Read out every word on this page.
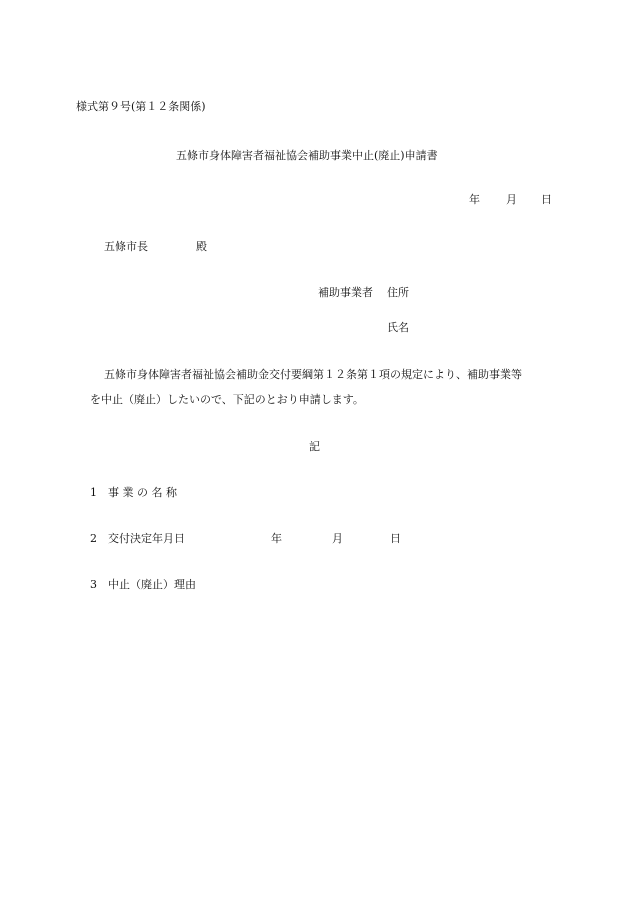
様式第９号(第１２条関係)
五條市身体障害者福祉協会補助事業中止(廃止)申請書
年 月 日
五條市長	殿
補助事業者 住所
氏名
五條市身体障害者福祉協会補助金交付要綱第１２条第１項の規定により、補助事業等
を中止（廃止）したいので、下記のとおり申請します。
記
1 事 業 の 名 称
2 交付決定年月日	年	月	日
3 中止（廃止）理由
